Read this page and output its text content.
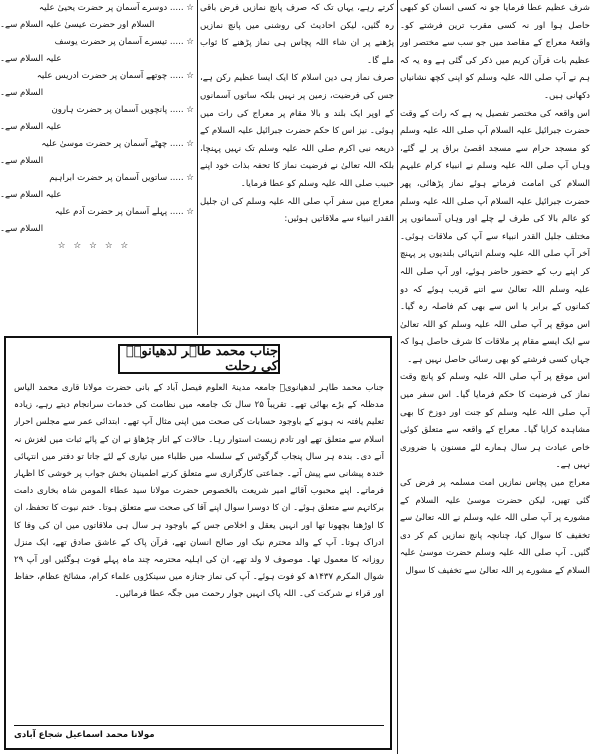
شرف عظیم عطا فرمایا جو نہ کسی انسان کو کبھی حاصل ہوا اور نہ کسی مقرب ترین فرشتے کو۔ واقعۂ معراج کے مقاصد میں جو سب سے مختصر اور عظیم بات قرآن کریم میں ذکر کی گئی ہے وہ یہ کہ ہم نے آپ صلی اللہ علیہ وسلم کو اپنی کچھ نشانیاں دکھانی ہیں۔

اس واقعہ کی مختصر تفصیل یہ ہے کہ رات کے وقت حضرت جبرائیل علیہ السلام آپ صلی اللہ علیہ وسلم کو مسجد حرام سے مسجد اقصیٰ براق پر لے گئے، وہاں آپ صلی اللہ علیہ وسلم نے انبیاء کرام علیہم السلام کی امامت فرماتے ہوئے نماز پڑھائی، پھر حضرت جبرائیل علیہ السلام آپ صلی اللہ علیہ وسلم کو عالم بالا کی طرف لے چلے اور وہاں آسمانوں پر مختلف جلیل القدر انبیاء سے آپ کی ملاقات ہوئی۔ آخر آپ صلی اللہ علیہ وسلم انتہائی بلندیوں پر پہنچ کر اپنے رب کے حضور حاضر ہوئے، اور آپ صلی اللہ علیہ وسلم اللہ تعالیٰ سے اتنے قریب ہوئے کہ دو کمانوں کے برابر یا اس سے بھی کم فاصلہ رہ گیا۔ اس موقع پر آپ صلی اللہ علیہ وسلم کو اللہ تعالیٰ سے ایک ایسے مقام پر ملاقات کا شرف حاصل ہوا کہ جہاں کسی فرشتے کو بھی رسائی حاصل نہیں ہے۔

اس موقع پر آپ صلی اللہ علیہ وسلم کو پانچ وقت نماز کی فرضیت کا حکم فرمایا گیا۔ اس سفر میں آپ صلی اللہ علیہ وسلم کو جنت اور دوزخ کا بھی مشاہدہ کرایا گیا۔ معراج کے واقعہ سے متعلق کوئی خاص عبادت ہر سال ہمارے لئے مسنون یا ضروری نہیں ہے۔

معراج میں پچاس نمازیں امت مسلمہ پر فرض کی گئی تھیں، لیکن حضرت موسیٰ علیہ السلام کے مشورے پر آپ صلی اللہ علیہ وسلم نے اللہ تعالیٰ سے تخفیف کا سوال کیا، چنانچہ پانچ نمازیں کم کر دی گئیں۔ آپ صلی اللہ علیہ وسلم حضرت موسیٰ علیہ السلام کے مشورے پر اللہ تعالیٰ سے تخفیف کا سوال

کرتے رہے، یہاں تک کہ صرف پانچ نمازیں فرض باقی رہ گئیں، لیکن احادیث کی روشنی میں پانچ نمازیں پڑھنے پر ان شاء اللہ پچاس ہی نماز پڑھنے کا ثواب ملے گا۔

صرف نماز ہی دین اسلام کا ایک ایسا عظیم رکن ہے، جس کی فرضیت، زمین پر نہیں بلکہ ساتوں آسمانوں کے اوپر ایک بلند و بالا مقام پر معراج کی رات میں ہوئی۔ نیز اس کا حکم حضرت جبرائیل علیہ السلام کے ذریعہ نبی اکرم صلی اللہ علیہ وسلم تک نہیں پہنچا، بلکہ اللہ تعالیٰ نے فرضیت نماز کا تحفہ بذات خود اپنے حبیب صلی اللہ علیہ وسلم کو عطا فرمایا۔

معراج میں سفر آپ صلی اللہ علیہ وسلم کی ان جلیل القدر انبیاء سے ملاقاتیں ہوئیں:

☆ ..... دوسرے آسمان پر حضرت یحییٰ علیہ
السلام اور حضرت عیسیٰ علیہ السلام سے۔
☆ ..... تیسرے آسمان پر حضرت یوسف
علیہ السلام سے۔
☆ ..... چوتھے آسمان پر حضرت ادریس علیہ
السلام سے۔
☆ ..... پانچویں آسمان پر حضرت ہارون
علیہ السلام سے۔
☆ ..... چھٹے آسمان پر حضرت موسیٰ علیہ
السلام سے۔
☆ ..... ساتویں آسمان پر حضرت ابراہیم
علیہ السلام سے۔
☆ ..... پہلے آسمان پر حضرت آدم علیہ
السلام سے۔
☆☆☆☆☆
جناب محمد طاہر لدھیانویؒ کی رحلت
جناب محمد طاہر لدھیانویؒ جامعہ مدینۃ العلوم فیصل آباد کے بانی حضرت مولانا قاری محمد الیاس مدظلہ کے بڑے بھائی تھے۔ تقریباً ۲۵ سال تک جامعہ میں نظامت کی خدمات سرانجام دیتے رہے، زیادہ تعلیم یافتہ نہ ہونے کے باوجود حسابات کی صحت میں اپنی مثال آپ تھے۔ ابتدائی عمر سے مجلس احرار اسلام سے متعلق تھے اور تادم زیست استوار رہا۔ حالات کے اتار چڑھاؤ نے ان کے پائے ثبات میں لغزش نہ آنے دی۔ بندہ ہر سال پنجاب گرگوٹس کے سلسلہ میں طلباء میں تیاری کے لئے جاتا تو دفتر میں انتہائی خندہ پیشانی سے پیش آتے۔ جماعتی کارگزاری سے متعلق کرتے اطمینان بخش جواب پر خوشی کا اظہار فرماتے۔ اپنے محبوب آقائے امیر شریعت بالخصوص حضرت مولانا سید عطاء المومن شاہ بخاری دامت برکاتہم سے متعلق ہوئے۔ ان کا دوسرا سوال اپنے آقا کی صحت سے متعلق ہوتا۔ ختم نبوت کا تحفظ، ان کا اوڑھنا بچھونا تھا اور انہیں یعقل و اخلاص جس کے باوجود ہر سال ہی ملاقاتوں میں ان کی وفا کا ادراک ہوتا۔ آپ کے والد محترم نیک اور صالح انسان تھے، قرآن پاک کے عاشق صادق تھے، ایک منزل روزانہ کا معمول تھا۔ موصوف لا ولد تھے، ان کی اہلیہ محترمہ چند ماہ پہلے فوت ہوگئیں اور آپ ۲۹ شوال المکرم ۱۴۳۷ھ کو فوت ہوئے۔ آپ کی نماز جنازہ میں سینکڑوں علماء کرام، مشائخ عظام، حفاظ اور قراء نے شرکت کی۔ اللہ پاک انہیں جوار رحمت میں جگہ عطا فرمائیں۔
مولانا محمد اسماعیل شجاع آبادی
